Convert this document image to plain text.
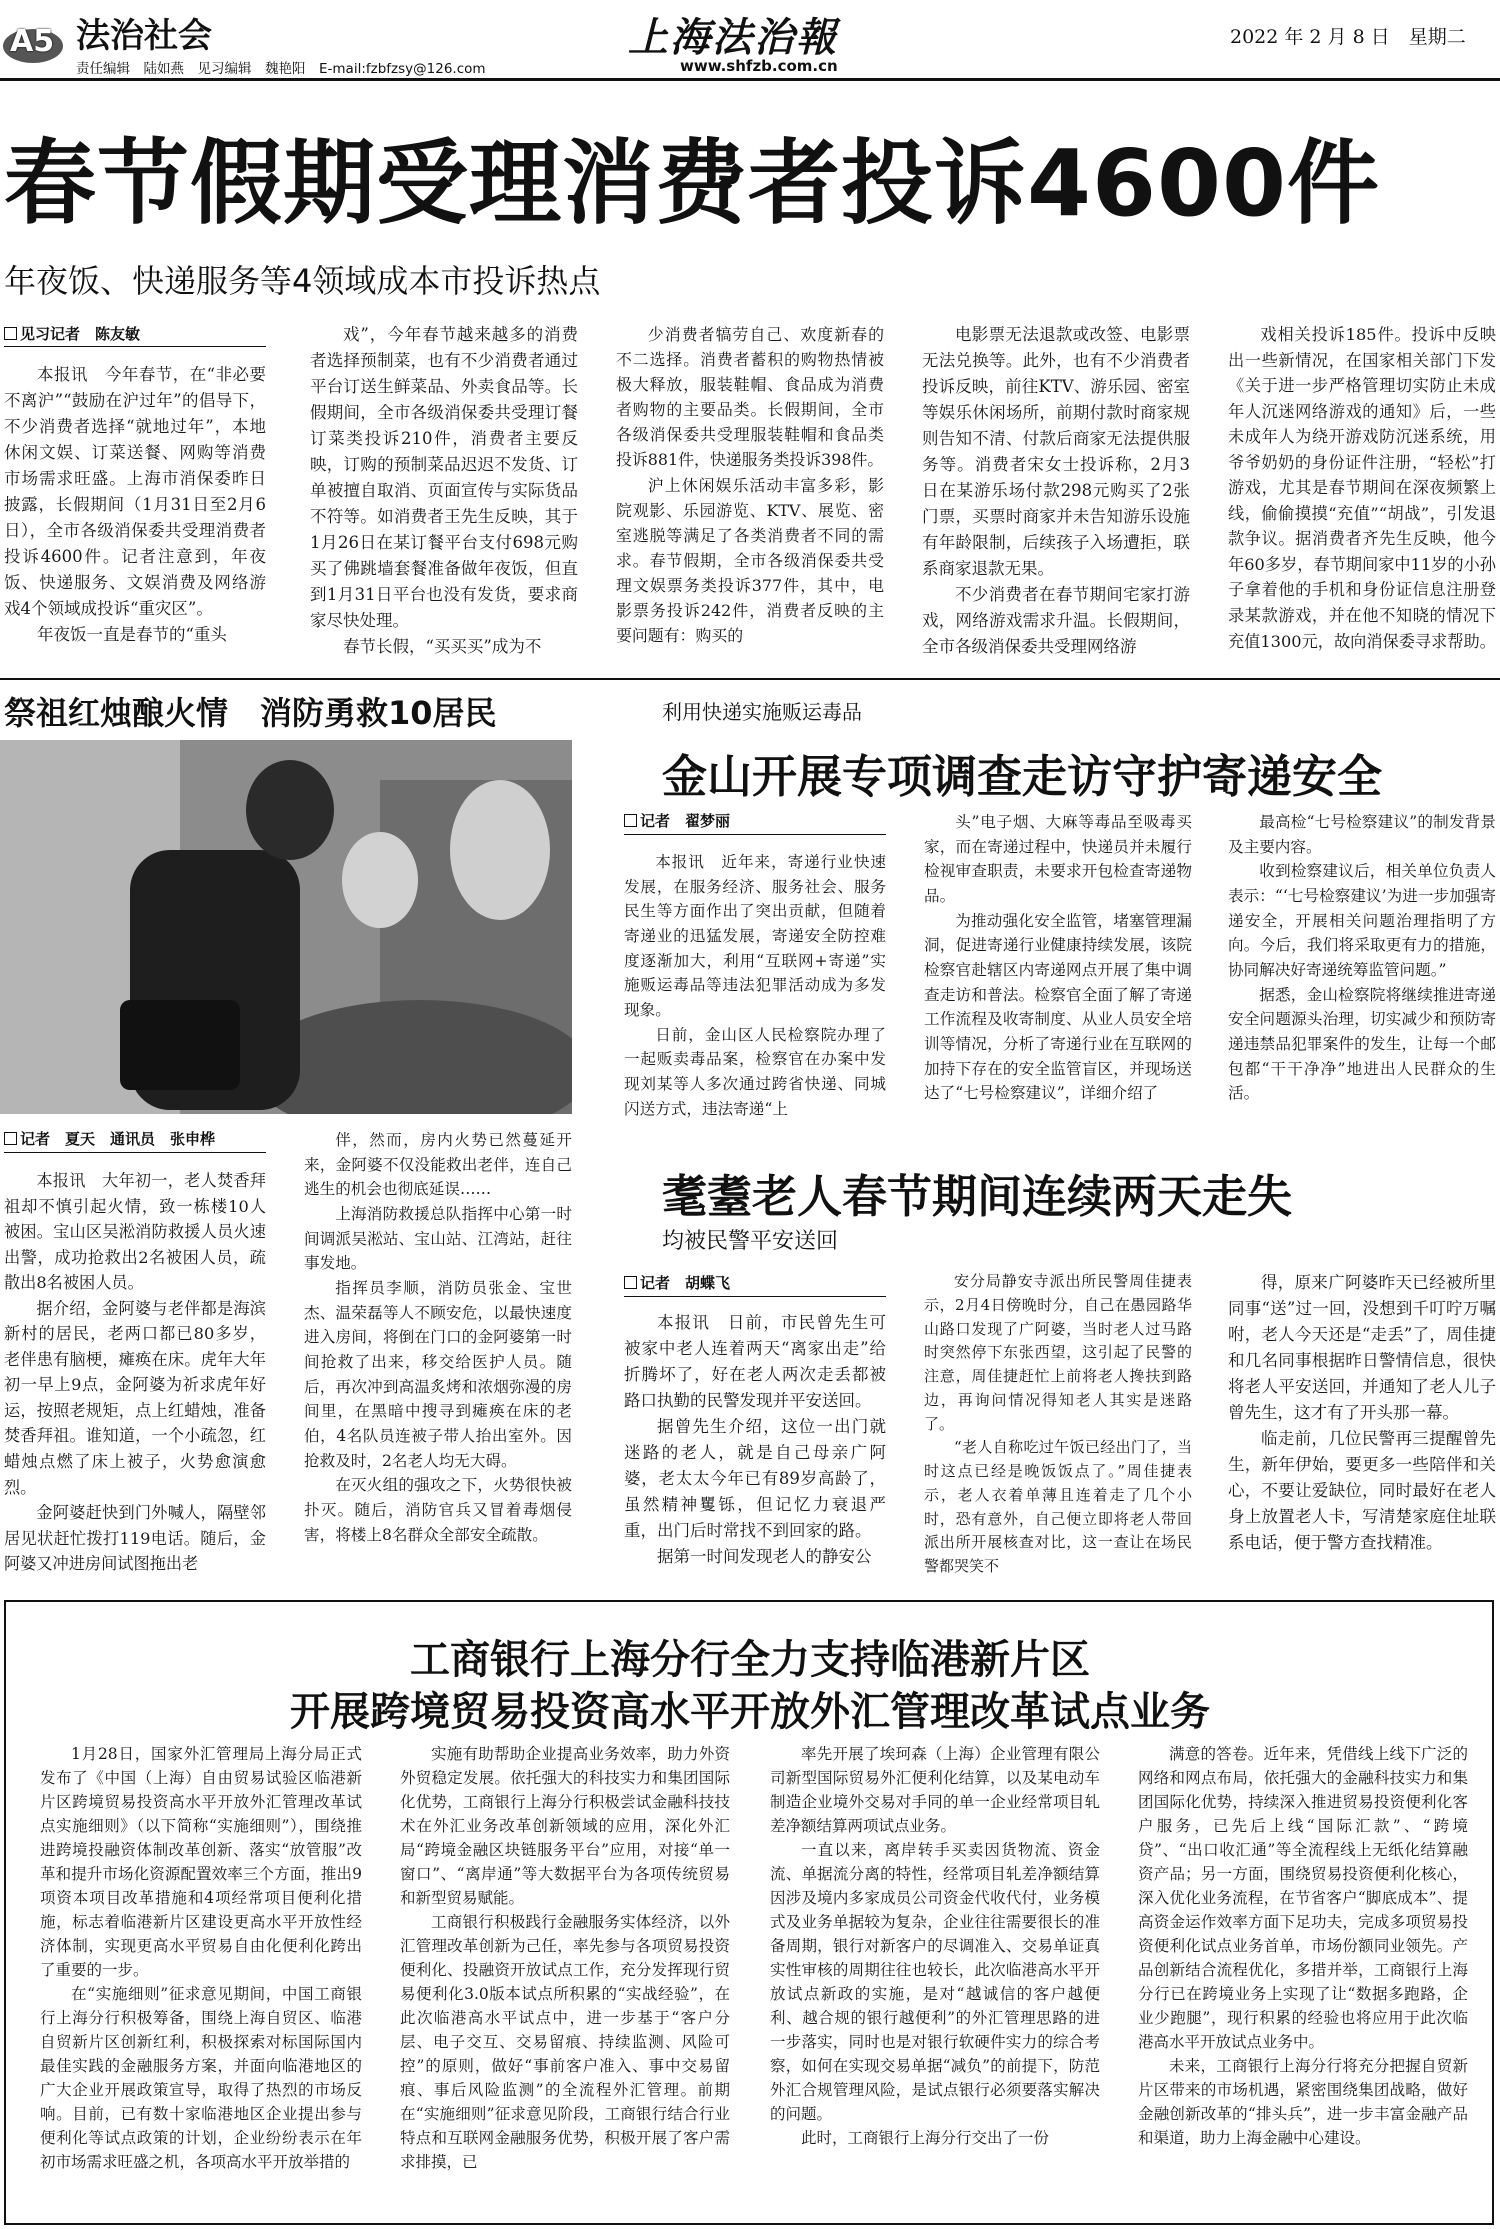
A5 法治社会
责任编辑　陆如燕　见习编辑　魏艳阳　E-mail:fzbfzsy@126.com
上海法治報
www.shfzb.com.cn
2022 年 2 月 8 日　星期二
春节假期受理消费者投诉4600件
年夜饭、快递服务等4领域成本市投诉热点
见习记者　陈友敏

本报讯　今年春节，在“非必要不离沪”“鼓励在沪过年”的倡导下，不少消费者选择“就地过年”，本地休闲文娱、订菜送餐、网购等消费市场需求旺盛。上海市消保委昨日披露，长假期间（1月31日至2月6日），全市各级消保委共受理消费者投诉4600件。记者注意到，年夜饭、快递服务、文娱消费及网络游戏4个领域成投诉“重灾区”。

年夜饭一直是春节的“重头

戏”，今年春节越来越多的消费者选择预制菜，也有不少消费者通过平台订送生鲜菜品、外卖食品等。长假期间，全市各级消保委共受理订餐订菜类投诉210件，消费者主要反映，订购的预制菜品迟迟不发货、订单被擅自取消、页面宣传与实际货品不符等。如消费者王先生反映，其于1月26日在某订餐平台支付698元购买了佛跳墙套餐准备做年夜饭，但直到1月31日平台也没有发货，要求商家尽快处理。

春节长假，“买买买”成为不

少消费者犒劳自己、欢度新春的不二选择。消费者蓄积的购物热情被极大释放，服装鞋帽、食品成为消费者购物的主要品类。长假期间，全市各级消保委共受理服装鞋帽和食品类投诉881件，快递服务类投诉398件。

沪上休闲娱乐活动丰富多彩，影院观影、乐园游览、KTV、展览、密室逃脱等满足了各类消费者不同的需求。春节假期，全市各级消保委共受理文娱票务类投诉377件，其中，电影票务投诉242件，消费者反映的主要问题有：购买的

电影票无法退款或改签、电影票无法兑换等。此外，也有不少消费者投诉反映，前往KTV、游乐园、密室等娱乐休闲场所，前期付款时商家规则告知不清、付款后商家无法提供服务等。消费者宋女士投诉称，2月3日在某游乐场付款298元购买了2张门票，买票时商家并未告知游乐设施有年龄限制，后续孩子入场遭拒，联系商家退款无果。

不少消费者在春节期间宅家打游戏，网络游戏需求升温。长假期间，全市各级消保委共受理网络游

戏相关投诉185件。投诉中反映出一些新情况，在国家相关部门下发《关于进一步严格管理切实防止未成年人沉迷网络游戏的通知》后，一些未成年人为绕开游戏防沉迷系统，用爷爷奶奶的身份证件注册，“轻松”打游戏，尤其是春节期间在深夜频繁上线，偷偷摸摸“充值”“胡战”，引发退款争议。据消费者齐先生反映，他今年60多岁，春节期间家中11岁的小孙子拿着他的手机和身份证信息注册登录某款游戏，并在他不知晓的情况下充值1300元，故向消保委寻求帮助。

祭祖红烛酿火情　消防勇救10居民
记者　夏天　通讯员　张申桦

本报讯　大年初一，老人焚香拜祖却不慎引起火情，致一栋楼10人被困。宝山区吴淞消防救援人员火速出警，成功抢救出2名被困人员，疏散出8名被困人员。

据介绍，金阿婆与老伴都是海滨新村的居民，老两口都已80多岁，老伴患有脑梗，瘫痪在床。虎年大年初一早上9点，金阿婆为祈求虎年好运，按照老规矩，点上红蜡烛，准备焚香拜祖。谁知道，一个小疏忽，红蜡烛点燃了床上被子，火势愈演愈烈。

金阿婆赶快到门外喊人，隔壁邻居见状赶忙拨打119电话。随后，金阿婆又冲进房间试图拖出老

伴，然而，房内火势已然蔓延开来，金阿婆不仅没能救出老伴，连自己逃生的机会也彻底延误……

上海消防救援总队指挥中心第一时间调派吴淞站、宝山站、江湾站，赶往事发地。

指挥员李顺，消防员张金、宝世杰、温荣磊等人不顾安危，以最快速度进入房间，将倒在门口的金阿婆第一时间抢救了出来，移交给医护人员。随后，再次冲到高温炙烤和浓烟弥漫的房间里，在黑暗中搜寻到瘫痪在床的老伯，4名队员连被子带人抬出室外。因抢救及时，2名老人均无大碍。

在灭火组的强攻之下，火势很快被扑灭。随后，消防官兵又冒着毒烟侵害，将楼上8名群众全部安全疏散。

利用快递实施贩运毒品
金山开展专项调查走访守护寄递安全
记者　翟梦丽

本报讯　近年来，寄递行业快速发展，在服务经济、服务社会、服务民生等方面作出了突出贡献，但随着寄递业的迅猛发展，寄递安全防控难度逐渐加大，利用“互联网+寄递”实施贩运毒品等违法犯罪活动成为多发现象。

日前，金山区人民检察院办理了一起贩卖毒品案，检察官在办案中发现刘某等人多次通过跨省快递、同城闪送方式，违法寄递“上

头”电子烟、大麻等毒品至吸毒买家，而在寄递过程中，快递员并未履行检视审查职责，未要求开包检查寄递物品。

为推动强化安全监管，堵塞管理漏洞，促进寄递行业健康持续发展，该院检察官赴辖区内寄递网点开展了集中调查走访和普法。检察官全面了解了寄递工作流程及收寄制度、从业人员安全培训等情况，分析了寄递行业在互联网的加持下存在的安全监管盲区，并现场送达了“七号检察建议”，详细介绍了

最高检“七号检察建议”的制发背景及主要内容。

收到检察建议后，相关单位负责人表示：“‘七号检察建议’为进一步加强寄递安全，开展相关问题治理指明了方向。今后，我们将采取更有力的措施，协同解决好寄递统筹监管问题。”

据悉，金山检察院将继续推进寄递安全问题源头治理，切实减少和预防寄递违禁品犯罪案件的发生，让每一个邮包都“干干净净”地进出人民群众的生活。

耄耋老人春节期间连续两天走失
均被民警平安送回
记者　胡蝶飞

本报讯　日前，市民曾先生可被家中老人连着两天“离家出走”给折腾坏了，好在老人两次走丢都被路口执勤的民警发现并平安送回。

据曾先生介绍，这位一出门就迷路的老人，就是自己母亲广阿婆，老太太今年已有89岁高龄了，虽然精神矍铄，但记忆力衰退严重，出门后时常找不到回家的路。

据第一时间发现老人的静安公

安分局静安寺派出所民警周佳捷表示，2月4日傍晚时分，自己在愚园路华山路口发现了广阿婆，当时老人过马路时突然停下东张西望，这引起了民警的注意，周佳捷赶忙上前将老人搀扶到路边，再询问情况得知老人其实是迷路了。

“老人自称吃过午饭已经出门了，当时这点已经是晚饭饭点了。”周佳捷表示，老人衣着单薄且连着走了几个小时，恐有意外，自己便立即将老人带回派出所开展核查对比，这一查让在场民警都哭笑不

得，原来广阿婆昨天已经被所里同事“送”过一回，没想到千叮咛万嘱咐，老人今天还是“走丢”了，周佳捷和几名同事根据昨日警情信息，很快将老人平安送回，并通知了老人儿子曾先生，这才有了开头那一幕。

临走前，几位民警再三提醒曾先生，新年伊始，要更多一些陪伴和关心，不要让爱缺位，同时最好在老人身上放置老人卡，写清楚家庭住址联系电话，便于警方查找精准。

工商银行上海分行全力支持临港新片区
开展跨境贸易投资高水平开放外汇管理改革试点业务

1月28日，国家外汇管理局上海分局正式发布了《中国（上海）自由贸易试验区临港新片区跨境贸易投资高水平开放外汇管理改革试点实施细则》（以下简称“实施细则”），围绕推进跨境投融资体制改革创新、落实“放管服”改革和提升市场化资源配置效率三个方面，推出9项资本项目改革措施和4项经常项目便利化措施，标志着临港新片区建设更高水平开放性经济体制，实现更高水平贸易自由化便利化跨出了重要的一步。

在“实施细则”征求意见期间，中国工商银行上海分行积极筹备，围绕上海自贸区、临港自贸新片区创新红利，积极探索对标国际国内最佳实践的金融服务方案，并面向临港地区的广大企业开展政策宣导，取得了热烈的市场反响。目前，已有数十家临港地区企业提出参与便利化等试点政策的计划，企业纷纷表示在年初市场需求旺盛之机，各项高水平开放举措的

实施有助帮助企业提高业务效率，助力外资外贸稳定发展。依托强大的科技实力和集团国际化优势，工商银行上海分行积极尝试金融科技技术在外汇业务改革创新领域的应用，深化外汇局“跨境金融区块链服务平台”应用，对接“单一窗口”、“离岸通”等大数据平台为各项传统贸易和新型贸易赋能。

工商银行积极践行金融服务实体经济，以外汇管理改革创新为己任，率先参与各项贸易投资便利化、投融资开放试点工作，充分发挥现行贸易便利化3.0版本试点所积累的“实战经验”，在此次临港高水平试点中，进一步基于“客户分层、电子交互、交易留痕、持续监测、风险可控”的原则，做好“事前客户准入、事中交易留痕、事后风险监测”的全流程外汇管理。前期在“实施细则”征求意见阶段，工商银行结合行业特点和互联网金融服务优势，积极开展了客户需求排摸，已

率先开展了埃珂森（上海）企业管理有限公司新型国际贸易外汇便利化结算，以及某电动车制造企业境外交易对手同的单一企业经常项目轧差净额结算两项试点业务。

一直以来，离岸转手买卖因货物流、资金流、单据流分离的特性，经常项目轧差净额结算因涉及境内多家成员公司资金代收代付，业务模式及业务单据较为复杂，企业往往需要很长的准备周期，银行对新客户的尽调准入、交易单证真实性审核的周期往往也较长，此次临港高水平开放试点新政的实施，是对“越诚信的客户越便利、越合规的银行越便利”的外汇管理思路的进一步落实，同时也是对银行软硬件实力的综合考察，如何在实现交易单据“减负”的前提下，防范外汇合规管理风险，是试点银行必须要落实解决的问题。

此时，工商银行上海分行交出了一份

满意的答卷。近年来，凭借线上线下广泛的网络和网点布局，依托强大的金融科技实力和集团国际化优势，持续深入推进贸易投资便利化客户服务，已先后上线“国际汇款”、“跨境贷”、“出口收汇通”等全流程线上无纸化结算融资产品；另一方面，围绕贸易投资便利化核心，深入优化业务流程，在节省客户“脚底成本”、提高资金运作效率方面下足功夫，完成多项贸易投资便利化试点业务首单，市场份额同业领先。产品创新结合流程优化，多措并举，工商银行上海分行已在跨境业务上实现了让“数据多跑路，企业少跑腿”，现行积累的经验也将应用于此次临港高水平开放试点业务中。

未来，工商银行上海分行将充分把握自贸新片区带来的市场机遇，紧密围绕集团战略，做好金融创新改革的“排头兵”，进一步丰富金融产品和渠道，助力上海金融中心建设。
